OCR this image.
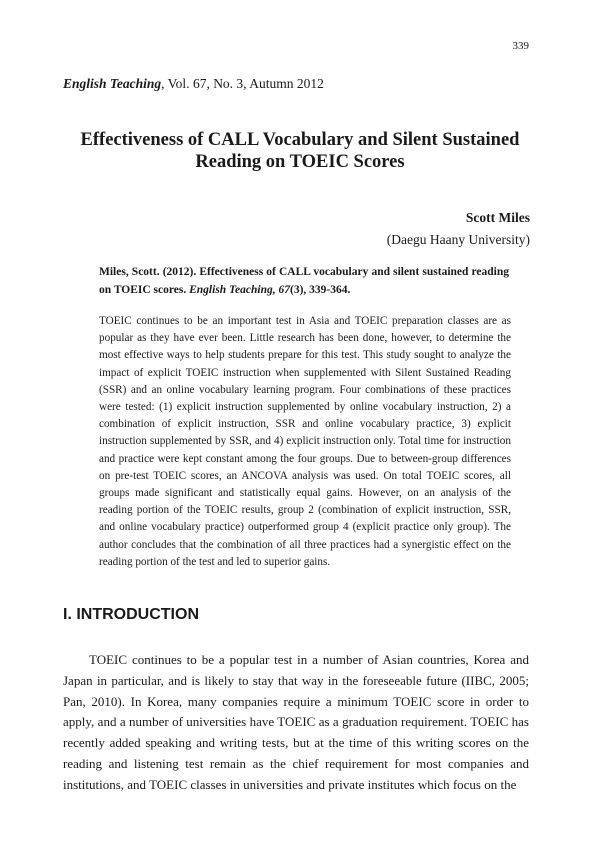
339
English Teaching, Vol. 67, No. 3, Autumn 2012
Effectiveness of CALL Vocabulary and Silent Sustained
Reading on TOEIC Scores
Scott Miles
(Daegu Haany University)
Miles, Scott. (2012). Effectiveness of CALL vocabulary and silent sustained reading on TOEIC scores. English Teaching, 67(3), 339-364.
TOEIC continues to be an important test in Asia and TOEIC preparation classes are as popular as they have ever been. Little research has been done, however, to determine the most effective ways to help students prepare for this test. This study sought to analyze the impact of explicit TOEIC instruction when supplemented with Silent Sustained Reading (SSR) and an online vocabulary learning program. Four combinations of these practices were tested: (1) explicit instruction supplemented by online vocabulary instruction, 2) a combination of explicit instruction, SSR and online vocabulary practice, 3) explicit instruction supplemented by SSR, and 4) explicit instruction only. Total time for instruction and practice were kept constant among the four groups. Due to between-group differences on pre-test TOEIC scores, an ANCOVA analysis was used. On total TOEIC scores, all groups made significant and statistically equal gains. However, on an analysis of the reading portion of the TOEIC results, group 2 (combination of explicit instruction, SSR, and online vocabulary practice) outperformed group 4 (explicit practice only group). The author concludes that the combination of all three practices had a synergistic effect on the reading portion of the test and led to superior gains.
I. INTRODUCTION

TOEIC continues to be a popular test in a number of Asian countries, Korea and Japan in particular, and is likely to stay that way in the foreseeable future (IIBC, 2005; Pan, 2010). In Korea, many companies require a minimum TOEIC score in order to apply, and a number of universities have TOEIC as a graduation requirement. TOEIC has recently added speaking and writing tests, but at the time of this writing scores on the reading and listening test remain as the chief requirement for most companies and institutions, and TOEIC classes in universities and private institutes which focus on the
